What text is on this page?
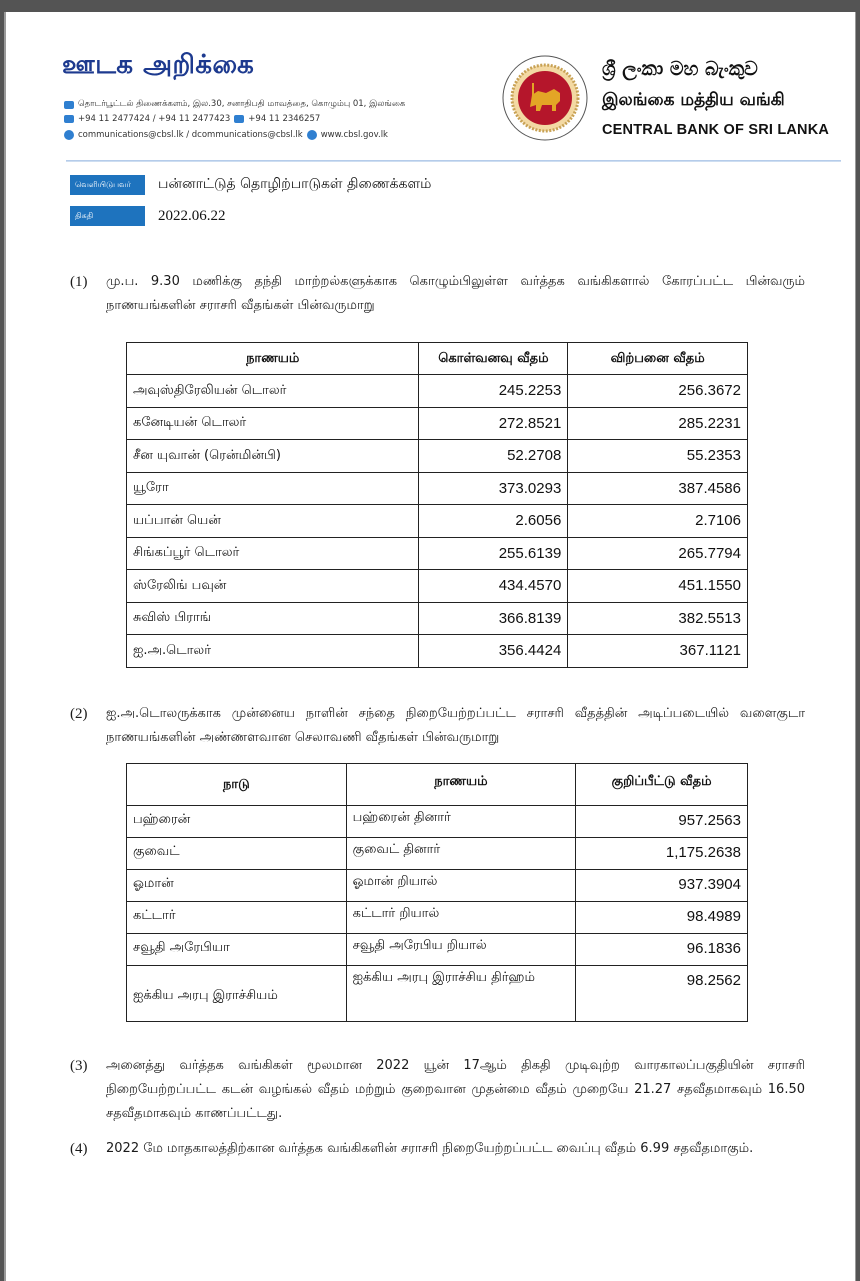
ஊடக அறிக்கை
தொடர்பூட்டல் திணைக்களம், இல.30, சனாதிபதி மாவத்தை, கொழும்பு 01, இலங்கை
+94 11 2477424 / +94 11 2477423 +94 11 2346257
communications@cbsl.lk / dcommunications@cbsl.lk www.cbsl.gov.lk
ශ්‍රී ලංකා මහ බැංකුව
இலங்கை மத்திய வங்கி
CENTRAL BANK OF SRI LANKA
வெளியிடுபவர்	பன்னாட்டுத் தொழிற்பாடுகள் திணைக்களம்
திகதி	2022.06.22
(1) மு.ப. 9.30 மணிக்கு தந்தி மாற்றல்களுக்காக கொழும்பிலுள்ள வர்த்தக வங்கிகளால் கோரப்பட்ட பின்வரும் நாணயங்களின் சராசரி வீதங்கள் பின்வருமாறு
நாணயம்	கொள்வனவு வீதம்	விற்பனை வீதம்
அவுஸ்திரேலியன் டொலர்	245.2253	256.3672
கனேடியன் டொலர்	272.8521	285.2231
சீன யுவான் (ரென்மின்பி)	52.2708	55.2353
யூரோ	373.0293	387.4586
யப்பான் யென்	2.6056	2.7106
சிங்கப்பூர் டொலர்	255.6139	265.7794
ஸ்ரேலிங் பவுன்	434.4570	451.1550
சுவிஸ் பிராங்	366.8139	382.5513
ஐ.அ.டொலர்	356.4424	367.1121
(2) ஐ.அ.டொலருக்காக முன்னைய நாளின் சந்தை நிறையேற்றப்பட்ட சராசரி வீதத்தின் அடிப்படையில் வளைகுடா நாணயங்களின் அண்ணளவான செலாவணி வீதங்கள் பின்வருமாறு
நாடு	நாணயம்	குறிப்பீட்டு வீதம்
பஹ்ரைன்	பஹ்ரைன் தினார்	957.2563
குவைட்	குவைட் தினார்	1,175.2638
ஓமான்	ஓமான் றியால்	937.3904
கட்டார்	கட்டார் றியால்	98.4989
சவூதி அரேபியா	சவூதி அரேபிய றியால்	96.1836
ஐக்கிய அரபு இராச்சியம்	ஐக்கிய அரபு இராச்சிய திர்ஹம்	98.2562
(3) அனைத்து வர்த்தக வங்கிகள் மூலமான 2022 யூன் 17ஆம் திகதி முடிவுற்ற வாரகாலப்பகுதியின் சராசரி நிறையேற்றப்பட்ட கடன் வழங்கல் வீதம் மற்றும் குறைவான முதன்மை வீதம் முறையே 21.27 சதவீதமாகவும் 16.50 சதவீதமாகவும் காணப்பட்டது.
(4) 2022 மே மாதகாலத்திற்கான வர்த்தக வங்கிகளின் சராசரி நிறையேற்றப்பட்ட வைப்பு வீதம் 6.99 சதவீதமாகும்.
